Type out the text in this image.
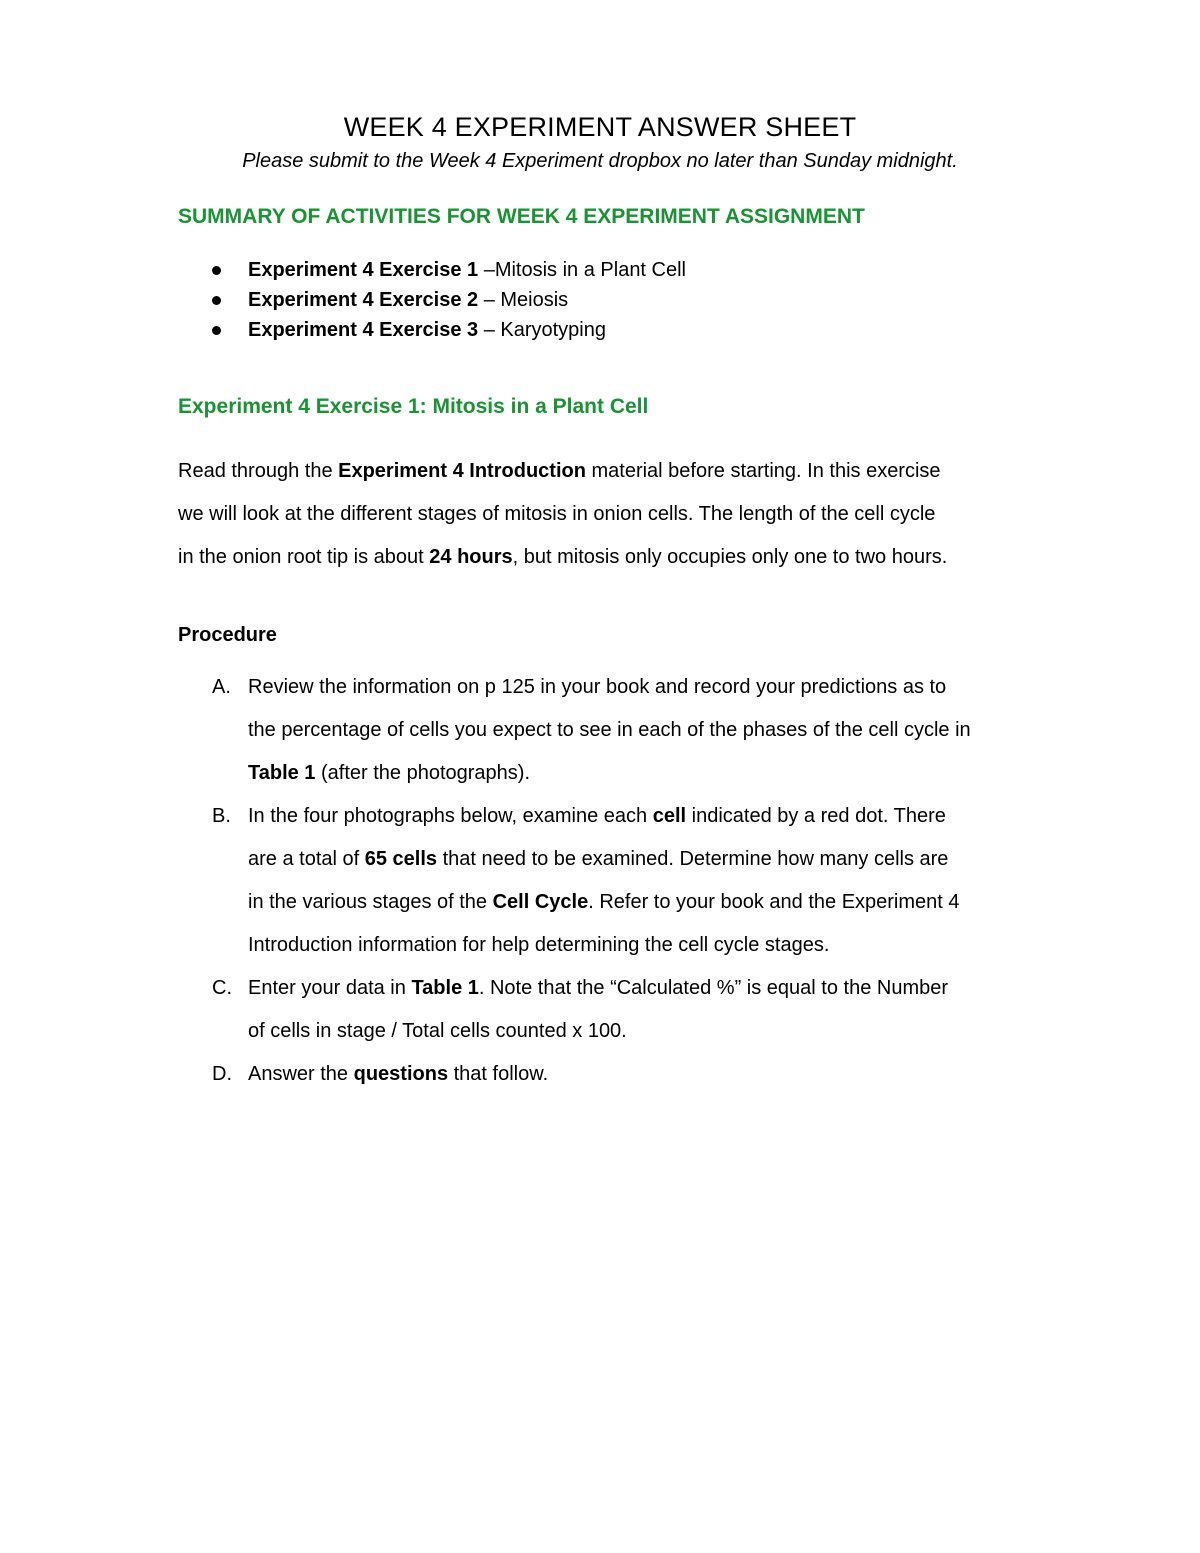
WEEK 4 EXPERIMENT ANSWER SHEET
Please submit to the Week 4 Experiment dropbox no later than Sunday midnight.
SUMMARY OF ACTIVITIES FOR WEEK 4 EXPERIMENT ASSIGNMENT
Experiment 4 Exercise 1 –Mitosis in a Plant Cell
Experiment 4 Exercise 2 – Meiosis
Experiment 4 Exercise 3 – Karyotyping
Experiment 4 Exercise 1: Mitosis in a Plant Cell
Read through the Experiment 4 Introduction material before starting. In this exercise
we will look at the different stages of mitosis in onion cells. The length of the cell cycle
in the onion root tip is about 24 hours, but mitosis only occupies only one to two hours.
Procedure
A. Review the information on p 125 in your book and record your predictions as to
the percentage of cells you expect to see in each of the phases of the cell cycle in
Table 1 (after the photographs).
B. In the four photographs below, examine each cell indicated by a red dot. There
are a total of 65 cells that need to be examined. Determine how many cells are
in the various stages of the Cell Cycle. Refer to your book and the Experiment 4
Introduction information for help determining the cell cycle stages.
C. Enter your data in Table 1. Note that the “Calculated %” is equal to the Number
of cells in stage / Total cells counted x 100.
D. Answer the questions that follow.
